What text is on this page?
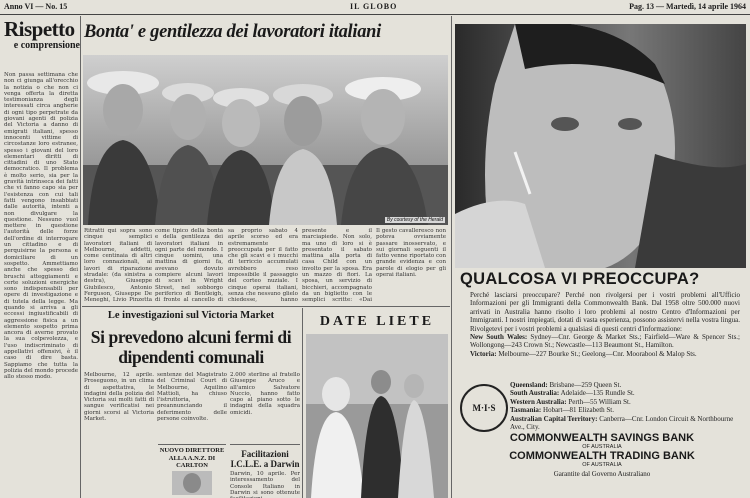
Anno VI — No. 15	IL GLOBO	Pag. 13 — Martedì, 14 aprile 1964
Rispetto
e comprensione
Non passa settimana che non ci giunga all'orecchio la notizia o che non ci venga offerta la diretta testimonianza degli interessati circa angherie di ogni tipo perpetrate da giovani agenti di polizia del Victoria a danno di emigrati italiani, spesso innocenti vittime di circostanze loro estranee, spesso i giovani del loro elementari diritti di cittadini di uno Stato democratico. Il problema è molto serio, sia per la gravità intrinseca dei fatti che vi fanno capo sia per l'esistenza con cui tali fatti vengono insabbiati dalle autorità, intenti a non divulgare la questione. Nessuno vuol mettere in questione l'autorità delle forze dell'ordine di interrogare un cittadino e di perquisirne la persona e domiciliare di un sospetto. Ammettiamo anche che spesso dei bruschi atteggiamenti e certe soluzioni energiche sono indispensabili per opere di investigazione e di tutela della legge. Ma quando si arriva a gli eccessi ingiustificabili di aggressione fisica a un elemento sospetto prima ancora di averne provato la sua colpevolezza, e l'uso indiscriminato di appellativi offensivi, è il caso di dire basta. Sappiamo che tutta la polizia del mondo procede allo stesso modo.
Bonta' e gentilezza dei lavoratori italiani
By courtesy of the Herald
Ritratti qui sopra sono cinque semplici lavoratori italiani di Melbourne, addetti, come centinaia di altri loro connazionali, ai lavori di riparazione stradale: (da sinistra a destra), Giuseppe Giubilesco, Antonio Ferguson, Giuseppe De Meneghi, Livio Pinzetta
come tipico della bontà e della gentilezza dei lavoratori italiani in ogni parte del mondo. I cinque uomini, una mattina di giorni fa, avevano dovuto compiere alcuni lavori di scavi in Wright Street, nel sobborgo periferico di Bentleigh, di fronte al cancello di
sa proprio sabato 4 aprile scorso ed era estremamente preoccupata per il fatto che gli scavi e i mucchi di terriccio accumulati avrebbero reso impossibile il passaggio del corteo nuziale. I cinque operai italiani, senza che nessuno glielo chiedesse, hanno
presente e il marciapiede. Non solo, ma uno di loro si è presentato il sabato mattina alla porta di casa Child con un involto per la sposa. Era un mazzo di fiori. La sposa, un servizio di bicchieri, accompagnato da un biglietto con le semplici scritte: «Dai
Il gesto cavalleresco non poteva ovviamente passare inosservato, e sui giornali seguenti il fatto venne riportato con grande evidenza e con parole di elogio per gli operai italiani.
Le investigazioni sul Victoria Market
Si prevedono alcuni fermi di dipendenti comunali
Melbourne, 12 aprile. Proseguono, in un clima di aspettativa, le indagini della polizia del Victoria sui molti fatti di sangue verificatisi nei giorni scorsi al Victoria Market.
sentenze del Magistrato del Criminal Court di Melbourne, Aquilino Mattioli, ha chiuso l'istruttoria, preannunciando il deferimento delle persone coinvolte.
2.000 sterline al fratello Giuseppe Aruco e all'amico Salvatore Nuccio, hanno fatto capo al piano sotto le indagini della squadra omicidi.
NUOVO DIRETTORE ALLA A.N.Z. DI CARLTON
Facilitazioni I.C.L.E. a Darwin
Darwin, 10 aprile. Per interessamento del Console Italiano in Darwin si sono ottenute
DATE LIETE
QUALCOSA VI PREOCCUPA?
Perché lasciarsi preoccupare? Perché non rivolgersi per i vostri problemi all'Ufficio Informazioni per gli Immigranti della Commonwealth Bank. Dal 1958 oltre 500.000 nuovi arrivati in Australia hanno risolto i loro problemi al nostro Centro d'Informazioni per Immigranti. I nostri impiegati, dotati di vasta esperienza, possono assistervi nella vostra lingua. Rivolgetevi per i vostri problemi a qualsiasi di questi centri d'informazione:
New South Wales: Sydney—Cnr. George & Market Sts.; Fairfield—Ware & Spencer Sts.; Wollongong—243 Crown St.; Newcastle—113 Beaumont St., Hamilton.
Victoria: Melbourne—227 Bourke St.; Geelong—Cnr. Moorabool & Malop Sts.
M·I·S
Queensland: Brisbane—259 Queen St.
South Australia: Adelaide—135 Rundle St.
Western Australia: Perth—55 William St.
Tasmania: Hobart—81 Elizabeth St.
Australian Capital Territory: Canberra—Cnr. London Circuit & Northbourne Ave., City.
COMMONWEALTH SAVINGS BANK
OF AUSTRALIA
COMMONWEALTH TRADING BANK
OF AUSTRALIA
Garantite dal Governo Australiano
